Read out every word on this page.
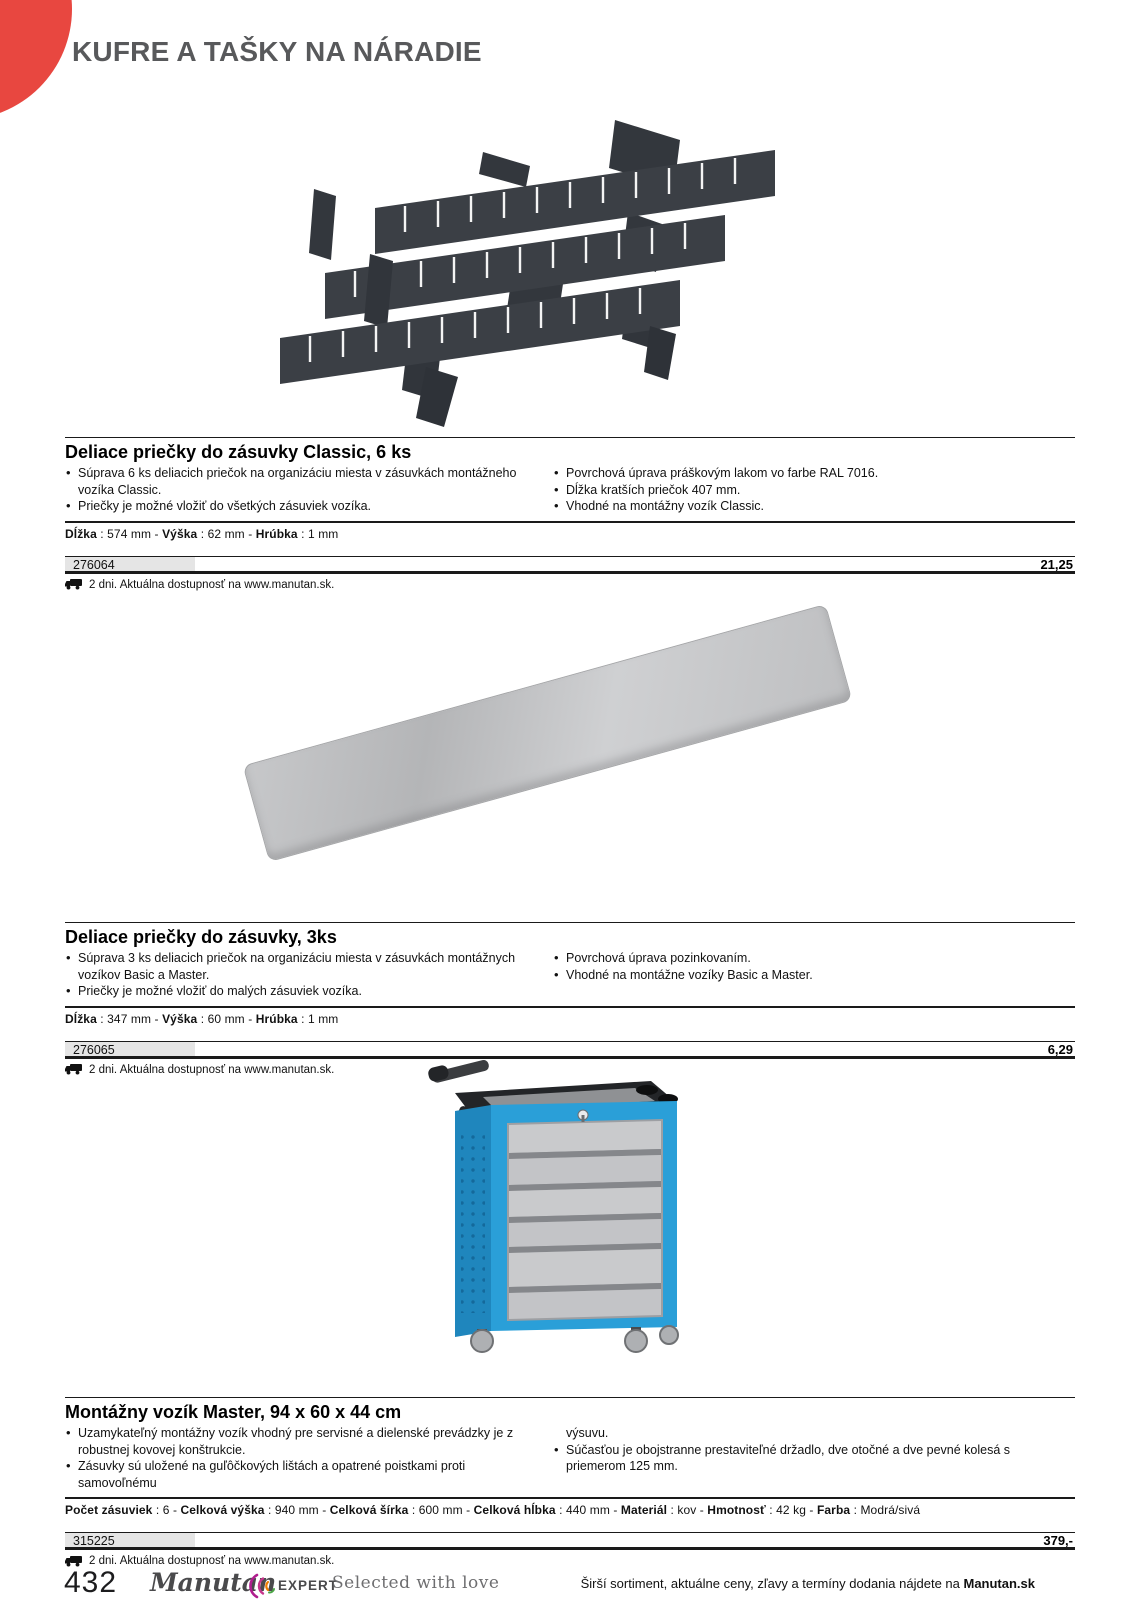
KUFRE A TAŠKY NA NÁRADIE
Deliace priečky do zásuvky Classic, 6 ks
• Súprava 6 ks deliacich priečok na organizáciu miesta v zásuvkách montážneho vozíka Classic.
• Priečky je možné vložiť do všetkých zásuviek vozíka.
• Povrchová úprava práškovým lakom vo farbe RAL 7016.
• Dĺžka kratších priečok 407 mm.
• Vhodné na montážny vozík Classic.
Dĺžka : 574 mm - Výška : 62 mm - Hrúbka : 1 mm
276064	21,25
2 dni. Aktuálna dostupnosť na www.manutan.sk.
Deliace priečky do zásuvky, 3ks
• Súprava 3 ks deliacich priečok na organizáciu miesta v zásuvkách montážnych vozíkov Basic a Master.
• Priečky je možné vložiť do malých zásuviek vozíka.
• Povrchová úprava pozinkovaním.
• Vhodné na montážne vozíky Basic a Master.
Dĺžka : 347 mm - Výška : 60 mm - Hrúbka : 1 mm
276065	6,29
2 dni. Aktuálna dostupnosť na www.manutan.sk.
Montážny vozík Master, 94 x 60 x 44 cm
• Uzamykateľný montážny vozík vhodný pre servisné a dielenské prevádzky je z robustnej kovovej konštrukcie.
• Zásuvky sú uložené na guľôčkových lištách a opatrené poistkami proti samovoľnému
výsuvu.
• Súčasťou je obojstranne prestaviteľné držadlo, dve otočné a dve pevné kolesá s priemerom 125 mm.
Počet zásuviek : 6 - Celková výška : 940 mm - Celková šírka : 600 mm - Celková hĺbka : 440 mm - Materiál : kov - Hmotnosť : 42 kg - Farba : Modrá/sivá
315225	379,-
2 dni. Aktuálna dostupnosť na www.manutan.sk.
432 Manutan EXPERT
Selected with love	Širší sortiment, aktuálne ceny, zľavy a termíny dodania nájdete na Manutan.sk
